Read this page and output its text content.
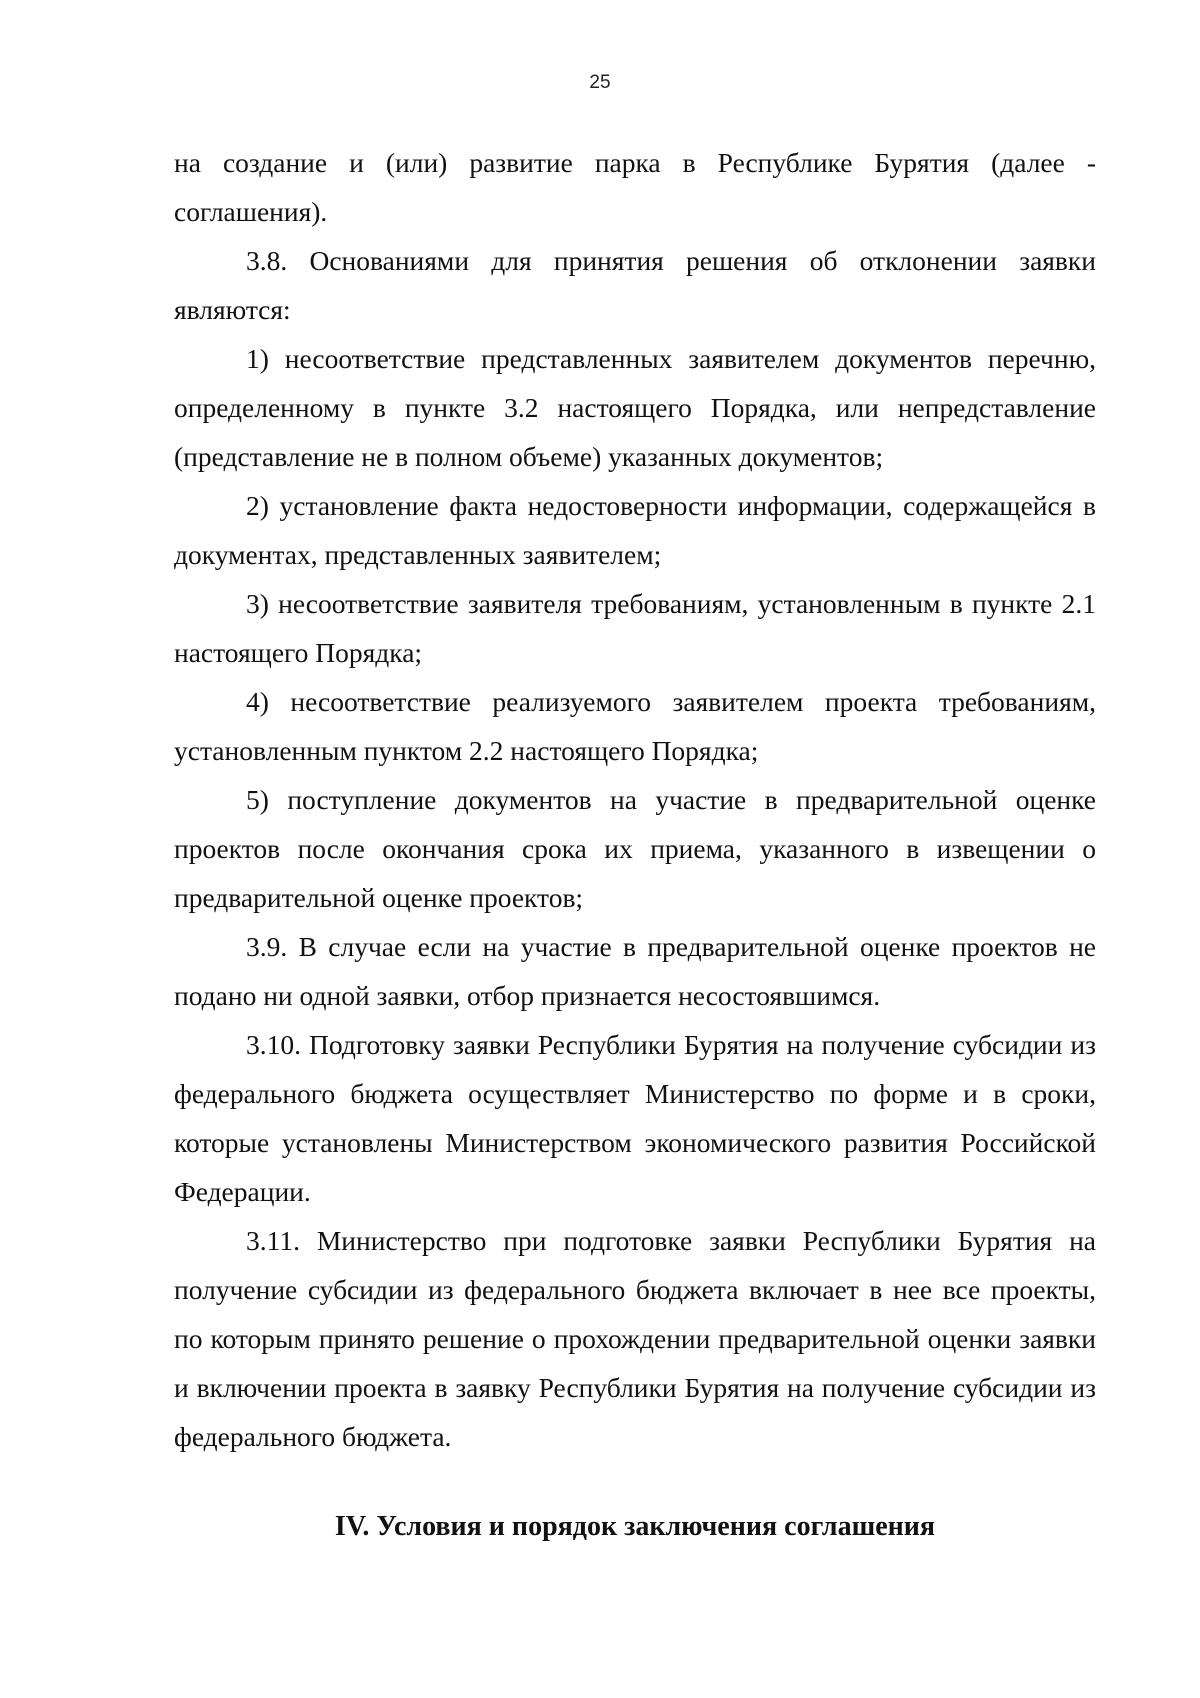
25

на создание и (или) развитие парка в Республике Бурятия (далее - соглашения).

3.8. Основаниями для принятия решения об отклонении заявки являются:

1) несоответствие представленных заявителем документов перечню, определенному в пункте 3.2 настоящего Порядка, или непредставление (представление не в полном объеме) указанных документов;

2) установление факта недостоверности информации, содержащейся в документах, представленных заявителем;

3) несоответствие заявителя требованиям, установленным в пункте 2.1 настоящего Порядка;

4) несоответствие реализуемого заявителем проекта требованиям, установленным пунктом 2.2 настоящего Порядка;

5) поступление документов на участие в предварительной оценке проектов после окончания срока их приема, указанного в извещении о предварительной оценке проектов;

3.9. В случае если на участие в предварительной оценке проектов не подано ни одной заявки, отбор признается несостоявшимся.

3.10. Подготовку заявки Республики Бурятия на получение субсидии из федерального бюджета осуществляет Министерство по форме и в сроки, которые установлены Министерством экономического развития Российской Федерации.

3.11. Министерство при подготовке заявки Республики Бурятия на получение субсидии из федерального бюджета включает в нее все проекты, по которым принято решение о прохождении предварительной оценки заявки и включении проекта в заявку Республики Бурятия на получение субсидии из федерального бюджета.

IV. Условия и порядок заключения соглашения
